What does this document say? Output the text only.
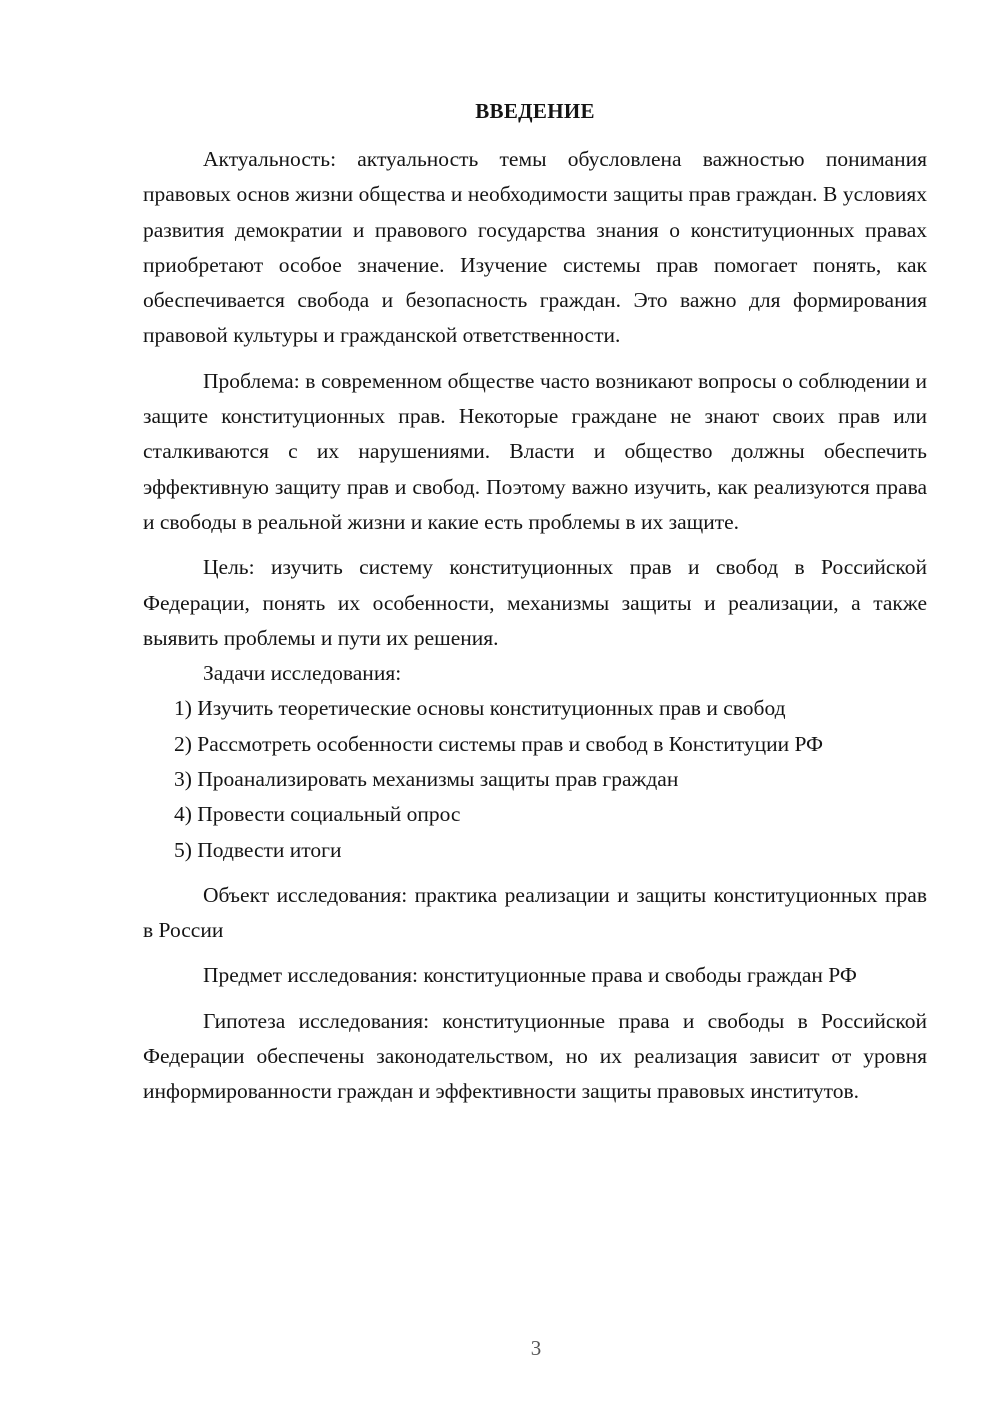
ВВЕДЕНИЕ

Актуальность: актуальность темы обусловлена важностью понимания правовых основ жизни общества и необходимости защиты прав граждан. В условиях развития демократии и правового государства знания о конституционных правах приобретают особое значение. Изучение системы прав помогает понять, как обеспечивается свобода и безопасность граждан. Это важно для формирования правовой культуры и гражданской ответственности.

Проблема: в современном обществе часто возникают вопросы о соблюдении и защите конституционных прав. Некоторые граждане не знают своих прав или сталкиваются с их нарушениями. Власти и общество должны обеспечить эффективную защиту прав и свобод. Поэтому важно изучить, как реализуются права и свободы в реальной жизни и какие есть проблемы в их защите.

Цель: изучить систему конституционных прав и свобод в Российской Федерации, понять их особенности, механизмы защиты и реализации, а также выявить проблемы и пути их решения.

Задачи исследования:

1) Изучить теоретические основы конституционных прав и свобод

2) Рассмотреть особенности системы прав и свобод в Конституции РФ

3) Проанализировать механизмы защиты прав граждан

4) Провести социальный опрос

5) Подвести итоги

Объект исследования: практика реализации и защиты конституционных прав в России

Предмет исследования: конституционные права и свободы граждан РФ

Гипотеза исследования: конституционные права и свободы в Российской Федерации обеспечены законодательством, но их реализация зависит от уровня информированности граждан и эффективности защиты правовых институтов.

3
